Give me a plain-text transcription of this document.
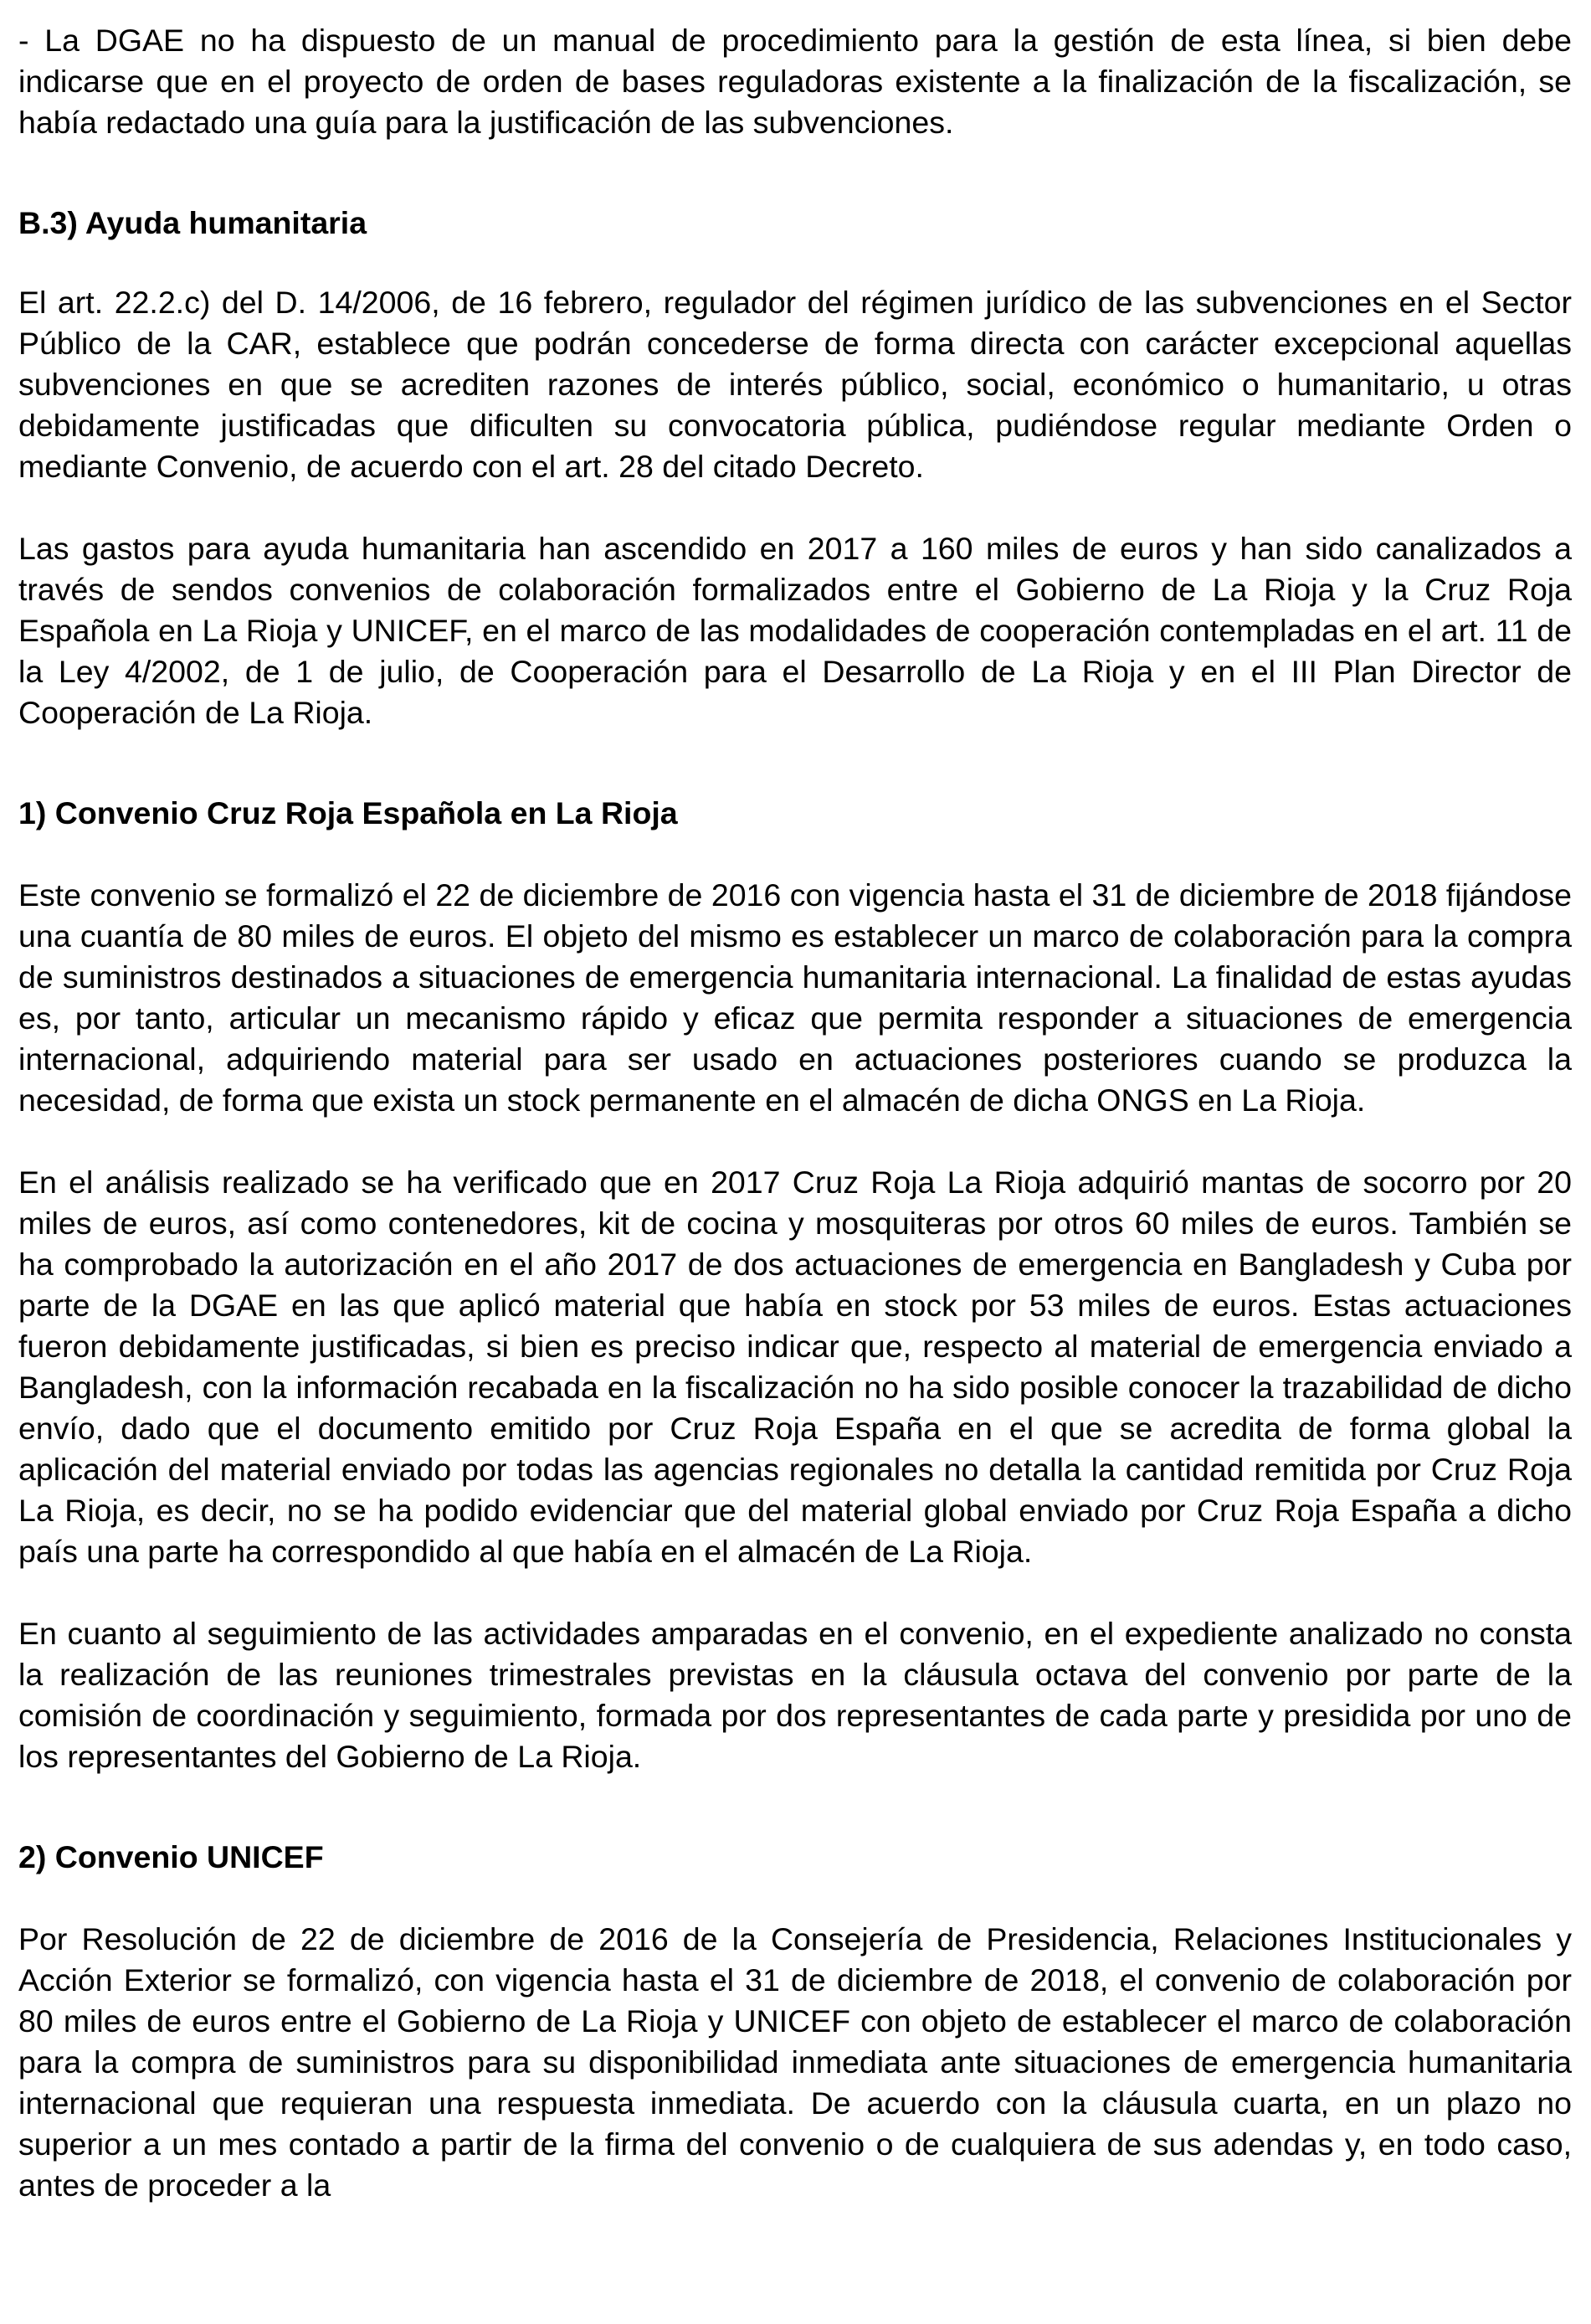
- La DGAE no ha dispuesto de un manual de procedimiento para la gestión de esta línea, si bien debe indicarse que en el proyecto de orden de bases reguladoras existente a la finalización de la fiscalización, se había redactado una guía para la justificación de las subvenciones.

B.3) Ayuda humanitaria

El art. 22.2.c) del D. 14/2006, de 16 febrero, regulador del régimen jurídico de las subvenciones en el Sector Público de la CAR, establece que podrán concederse de forma directa con carácter excepcional aquellas subvenciones en que se acrediten razones de interés público, social, económico o humanitario, u otras debidamente justificadas que dificulten su convocatoria pública, pudiéndose regular mediante Orden o mediante Convenio, de acuerdo con el art. 28 del citado Decreto.

Las gastos para ayuda humanitaria han ascendido en 2017 a 160 miles de euros y han sido canalizados a través de sendos convenios de colaboración formalizados entre el Gobierno de La Rioja y la Cruz Roja Española en La Rioja y UNICEF, en el marco de las modalidades de cooperación contempladas en el art. 11 de la Ley 4/2002, de 1 de julio, de Cooperación para el Desarrollo de La Rioja y en el III Plan Director de Cooperación de La Rioja.

1) Convenio Cruz Roja Española en La Rioja

Este convenio se formalizó el 22 de diciembre de 2016 con vigencia hasta el 31 de diciembre de 2018 fijándose una cuantía de 80 miles de euros. El objeto del mismo es establecer un marco de colaboración para la compra de suministros destinados a situaciones de emergencia humanitaria internacional. La finalidad de estas ayudas es, por tanto, articular un mecanismo rápido y eficaz que permita responder a situaciones de emergencia internacional, adquiriendo material para ser usado en actuaciones posteriores cuando se produzca la necesidad, de forma que exista un stock permanente en el almacén de dicha ONGS en La Rioja.

En el análisis realizado se ha verificado que en 2017 Cruz Roja La Rioja adquirió mantas de socorro por 20 miles de euros, así como contenedores, kit de cocina y mosquiteras por otros 60 miles de euros. También se ha comprobado la autorización en el año 2017 de dos actuaciones de emergencia en Bangladesh y Cuba por parte de la DGAE en las que aplicó material que había en stock por 53 miles de euros. Estas actuaciones fueron debidamente justificadas, si bien es preciso indicar que, respecto al material de emergencia enviado a Bangladesh, con la información recabada en la fiscalización no ha sido posible conocer la trazabilidad de dicho envío, dado que el documento emitido por Cruz Roja España en el que se acredita de forma global la aplicación del material enviado por todas las agencias regionales no detalla la cantidad remitida por Cruz Roja La Rioja, es decir, no se ha podido evidenciar que del material global enviado por Cruz Roja España a dicho país una parte ha correspondido al que había en el almacén de La Rioja.

En cuanto al seguimiento de las actividades amparadas en el convenio, en el expediente analizado no consta la realización de las reuniones trimestrales previstas en la cláusula octava del convenio por parte de la comisión de coordinación y seguimiento, formada por dos representantes de cada parte y presidida por uno de los representantes del Gobierno de La Rioja.

2) Convenio UNICEF

Por Resolución de 22 de diciembre de 2016 de la Consejería de Presidencia, Relaciones Institucionales y Acción Exterior se formalizó, con vigencia hasta el 31 de diciembre de 2018, el convenio de colaboración por 80 miles de euros entre el Gobierno de La Rioja y UNICEF con objeto de establecer el marco de colaboración para la compra de suministros para su disponibilidad inmediata ante situaciones de emergencia humanitaria internacional que requieran una respuesta inmediata. De acuerdo con la cláusula cuarta, en un plazo no superior a un mes contado a partir de la firma del convenio o de cualquiera de sus adendas y, en todo caso, antes de proceder a la
